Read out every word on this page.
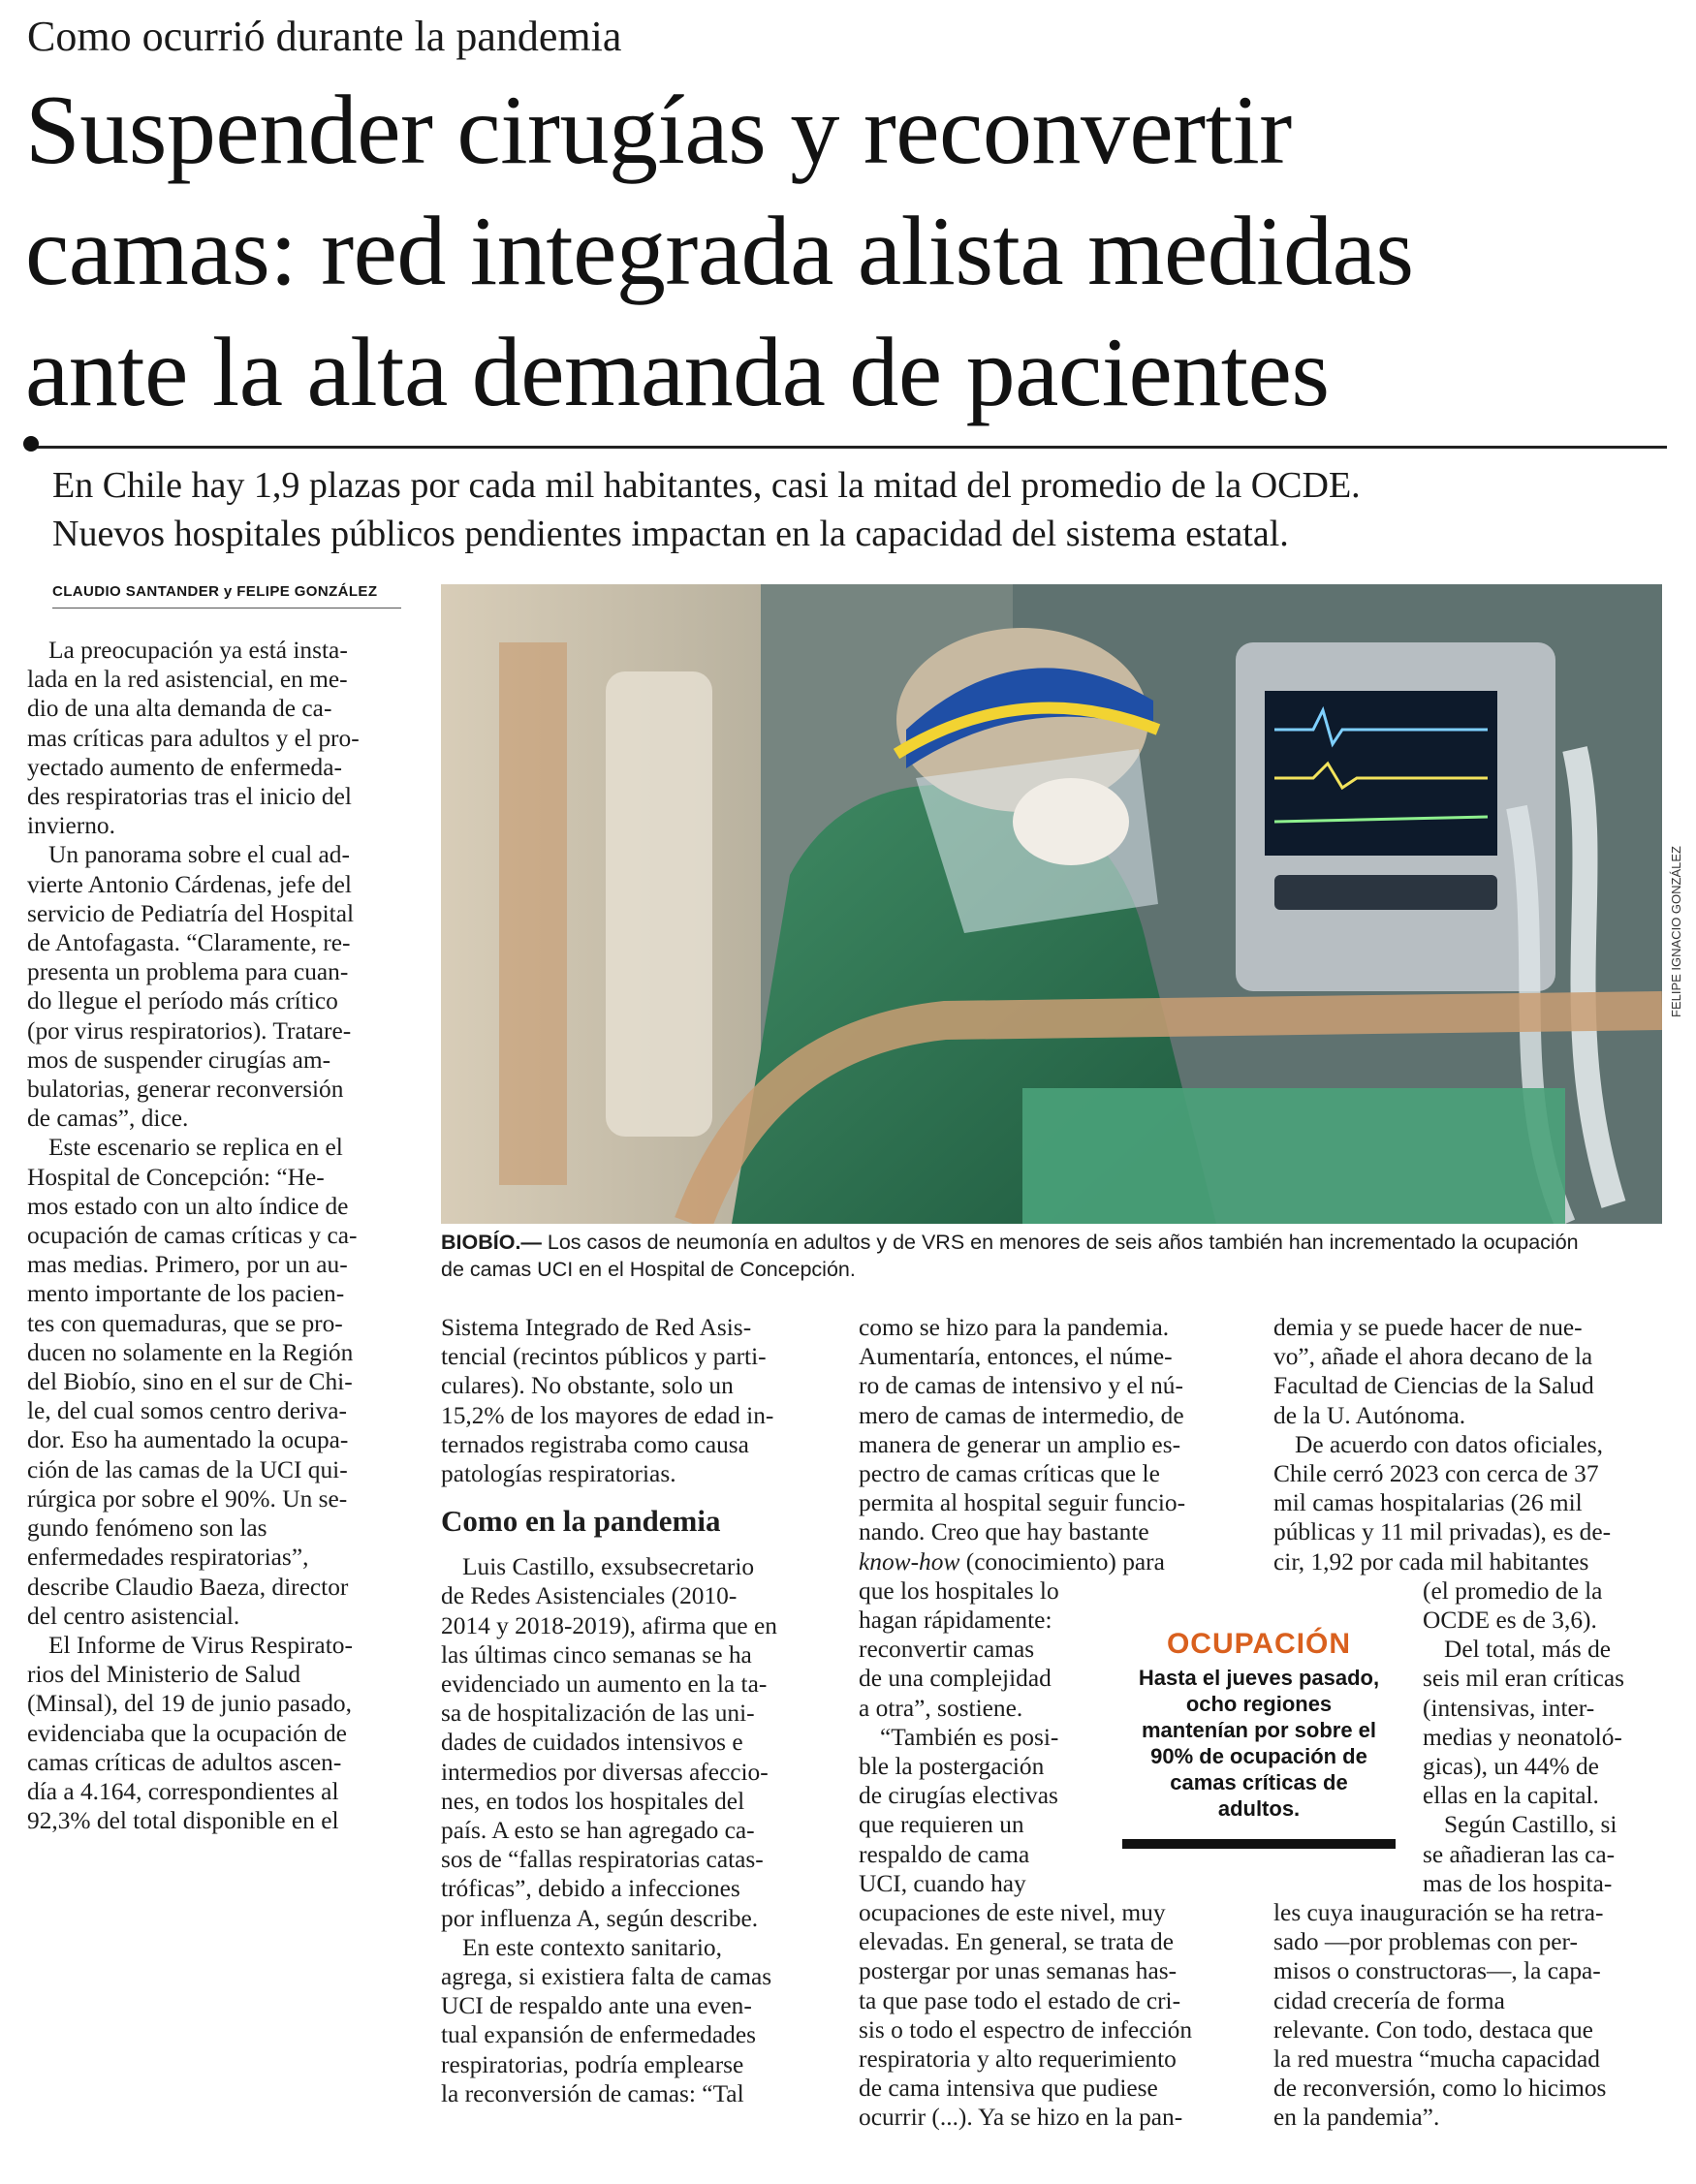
Como ocurrió durante la pandemia
Suspender cirugías y reconvertir
camas: red integrada alista medidas
ante la alta demanda de pacientes
En Chile hay 1,9 plazas por cada mil habitantes, casi la mitad del promedio de la OCDE.
Nuevos hospitales públicos pendientes impactan en la capacidad del sistema estatal.
CLAUDIO SANTANDER y FELIPE GONZÁLEZ
La preocupación ya está insta-
lada en la red asistencial, en me-
dio de una alta demanda de ca-
mas críticas para adultos y el pro-
yectado aumento de enfermeda-
des respiratorias tras el inicio del
invierno.
Un panorama sobre el cual ad-
vierte Antonio Cárdenas, jefe del
servicio de Pediatría del Hospital
de Antofagasta. “Claramente, re-
presenta un problema para cuan-
do llegue el período más crítico
(por virus respiratorios). Tratare-
mos de suspender cirugías am-
bulatorias, generar reconversión
de camas”, dice.
Este escenario se replica en el
Hospital de Concepción: “He-
mos estado con un alto índice de
ocupación de camas críticas y ca-
mas medias. Primero, por un au-
mento importante de los pacien-
tes con quemaduras, que se pro-
ducen no solamente en la Región
del Biobío, sino en el sur de Chi-
le, del cual somos centro deriva-
dor. Eso ha aumentado la ocupa-
ción de las camas de la UCI qui-
rúrgica por sobre el 90%. Un se-
gundo fenómeno son las
enfermedades respiratorias”,
describe Claudio Baeza, director
del centro asistencial.
El Informe de Virus Respirato-
rios del Ministerio de Salud
(Minsal), del 19 de junio pasado,
evidenciaba que la ocupación de
camas críticas de adultos ascen-
día a 4.164, correspondientes al
92,3% del total disponible en el
FELIPE IGNACIO GONZÁLEZ
BIOBÍO.— Los casos de neumonía en adultos y de VRS en menores de seis años también han incrementado la ocupación
de camas UCI en el Hospital de Concepción.
Sistema Integrado de Red Asis-
tencial (recintos públicos y parti-
culares). No obstante, solo un
15,2% de los mayores de edad in-
ternados registraba como causa
patologías respiratorias.
Como en la pandemia
Luis Castillo, exsubsecretario
de Redes Asistenciales (2010-
2014 y 2018-2019), afirma que en
las últimas cinco semanas se ha
evidenciado un aumento en la ta-
sa de hospitalización de las uni-
dades de cuidados intensivos e
intermedios por diversas afeccio-
nes, en todos los hospitales del
país. A esto se han agregado ca-
sos de “fallas respiratorias catas-
tróficas”, debido a infecciones
por influenza A, según describe.
En este contexto sanitario,
agrega, si existiera falta de camas
UCI de respaldo ante una even-
tual expansión de enfermedades
respiratorias, podría emplearse
la reconversión de camas: “Tal
como se hizo para la pandemia.
Aumentaría, entonces, el núme-
ro de camas de intensivo y el nú-
mero de camas de intermedio, de
manera de generar un amplio es-
pectro de camas críticas que le
permita al hospital seguir funcio-
nando. Creo que hay bastante
know-how (conocimiento) para
que los hospitales lo
hagan rápidamente:
reconvertir camas
de una complejidad
a otra”, sostiene.
“También es posi-
ble la postergación
de cirugías electivas
que requieren un
respaldo de cama
UCI, cuando hay
ocupaciones de este nivel, muy
elevadas. En general, se trata de
postergar por unas semanas has-
ta que pase todo el estado de cri-
sis o todo el espectro de infección
respiratoria y alto requerimiento
de cama intensiva que pudiese
ocurrir (...). Ya se hizo en la pan-
demia y se puede hacer de nue-
vo”, añade el ahora decano de la
Facultad de Ciencias de la Salud
de la U. Autónoma.
De acuerdo con datos oficiales,
Chile cerró 2023 con cerca de 37
mil camas hospitalarias (26 mil
públicas y 11 mil privadas), es de-
cir, 1,92 por cada mil habitantes
(el promedio de la
OCDE es de 3,6).
Del total, más de
seis mil eran críticas
(intensivas, inter-
medias y neonatoló-
gicas), un 44% de
ellas en la capital.
Según Castillo, si
se añadieran las ca-
mas de los hospita-
les cuya inauguración se ha retra-
sado —por problemas con per-
misos o constructoras—, la capa-
cidad crecería de forma
relevante. Con todo, destaca que
la red muestra “mucha capacidad
de reconversión, como lo hicimos
en la pandemia”.
OCUPACIÓN
Hasta el jueves pasado,
ocho regiones
mantenían por sobre el
90% de ocupación de
camas críticas de
adultos.
